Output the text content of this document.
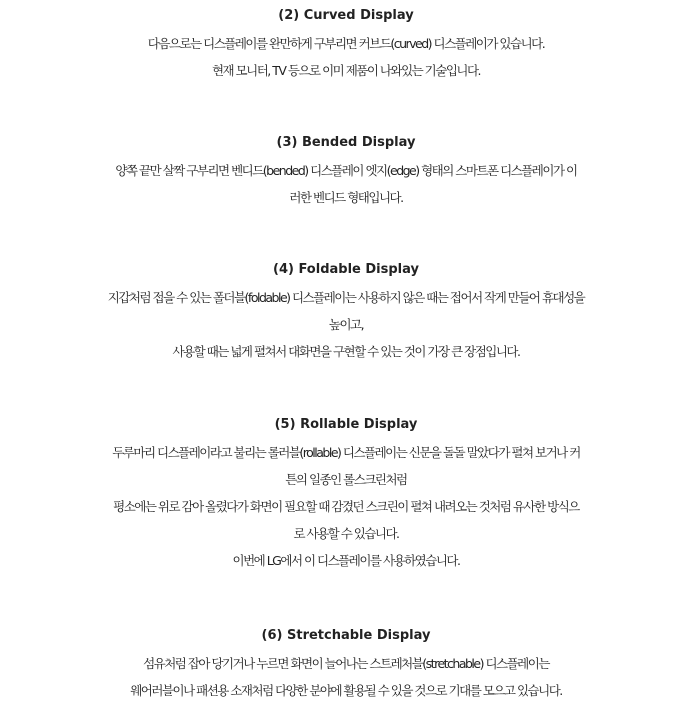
(2) Curved Display

다음으로는 디스플레이를 완만하게 구부리면 커브드(curved) 디스플레이가 있습니다.

현재 모니터, TV 등으로 이미 제품이 나와있는 기술입니다.

(3) Bended Display

양쪽 끝만 살짝 구부리면 벤디드(bended) 디스플레이 엣지(edge) 형태의 스마트폰 디스플레이가 이

러한 벤디드 형태입니다.

(4) Foldable Display

지갑처럼 접을 수 있는 폴더블(foldable) 디스플레이는 사용하지 않은 때는 접어서 작게 만들어 휴대성을

높이고,

사용할 때는 넓게 펼쳐서 대화면을 구현할 수 있는 것이 가장 큰 장점입니다.

(5) Rollable Display

두루마리 디스플레이라고 불리는 롤러블(rollable) 디스플레이는 신문을 돌돌 말았다가 펼쳐 보거나 커

튼의 일종인 롤스크린처럼

평소에는 위로 감아 올렸다가 화면이 필요할 때 감겼던 스크린이 펼쳐 내려오는 것처럼 유사한 방식으

로 사용할 수 있습니다.

이번에 LG에서 이 디스플레이를 사용하였습니다.

(6) Stretchable Display

섬유처럼 잡아 당기거나 누르면 화면이 늘어나는 스트레처블(stretchable) 디스플레이는

웨어러블이나 패션용 소재처럼 다양한 분야에 활용될 수 있을 것으로 기대를 모으고 있습니다.
